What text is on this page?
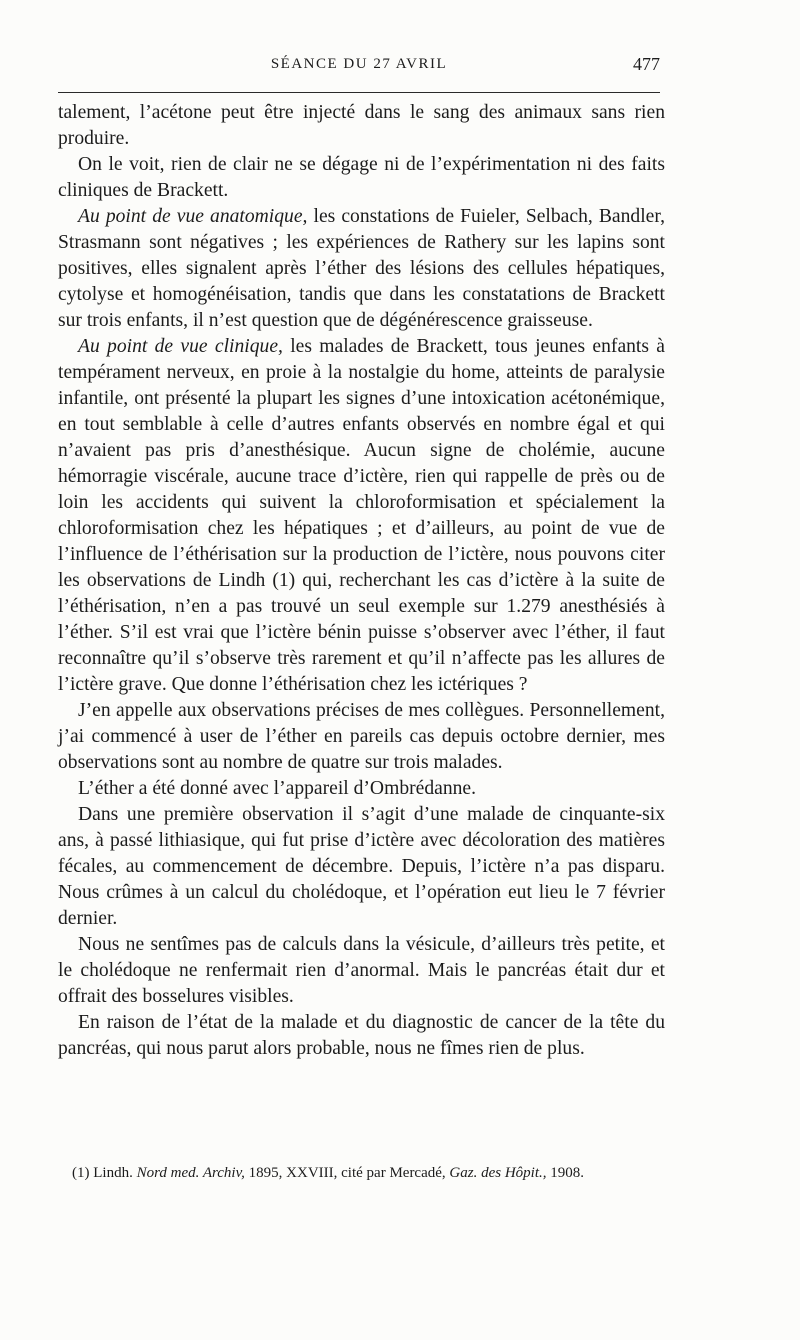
SÉANCE DU 27 AVRIL	477

talement, l’acétone peut être injecté dans le sang des animaux sans rien produire.

On le voit, rien de clair ne se dégage ni de l’expérimentation ni des faits cliniques de Brackett.

Au point de vue anatomique, les constations de Fuieler, Selbach, Bandler, Strasmann sont négatives ; les expériences de Rathery sur les lapins sont positives, elles signalent après l’éther des lésions des cellules hépatiques, cytolyse et homogénéisation, tandis que dans les constatations de Brackett sur trois enfants, il n’est question que de dégénérescence graisseuse.

Au point de vue clinique, les malades de Brackett, tous jeunes enfants à tempérament nerveux, en proie à la nostalgie du home, atteints de paralysie infantile, ont présenté la plupart les signes d’une intoxication acétonémique, en tout semblable à celle d’autres enfants observés en nombre égal et qui n’avaient pas pris d’anesthésique. Aucun signe de cholémie, aucune hémorragie viscérale, aucune trace d’ictère, rien qui rappelle de près ou de loin les accidents qui suivent la chloroformisation et spécialement la chloroformisation chez les hépatiques ; et d’ailleurs, au point de vue de l’influence de l’éthérisation sur la production de l’ictère, nous pouvons citer les observations de Lindh (1) qui, recherchant les cas d’ictère à la suite de l’éthérisation, n’en a pas trouvé un seul exemple sur 1.279 anesthésiés à l’éther. S’il est vrai que l’ictère bénin puisse s’observer avec l’éther, il faut reconnaître qu’il s’observe très rarement et qu’il n’affecte pas les allures de l’ictère grave. Que donne l’éthérisation chez les ictériques ?

J’en appelle aux observations précises de mes collègues. Personnellement, j’ai commencé à user de l’éther en pareils cas depuis octobre dernier, mes observations sont au nombre de quatre sur trois malades.

L’éther a été donné avec l’appareil d’Ombrédanne.

Dans une première observation il s’agit d’une malade de cinquante-six ans, à passé lithiasique, qui fut prise d’ictère avec décoloration des matières fécales, au commencement de décembre. Depuis, l’ictère n’a pas disparu. Nous crûmes à un calcul du cholédoque, et l’opération eut lieu le 7 février dernier.

Nous ne sentîmes pas de calculs dans la vésicule, d’ailleurs très petite, et le cholédoque ne renfermait rien d’anormal. Mais le pancréas était dur et offrait des bosselures visibles.

En raison de l’état de la malade et du diagnostic de cancer de la tête du pancréas, qui nous parut alors probable, nous ne fîmes rien de plus.

(1) Lindh. Nord med. Archiv, 1895, XXVIII, cité par Mercadé, Gaz. des Hôpit., 1908.
